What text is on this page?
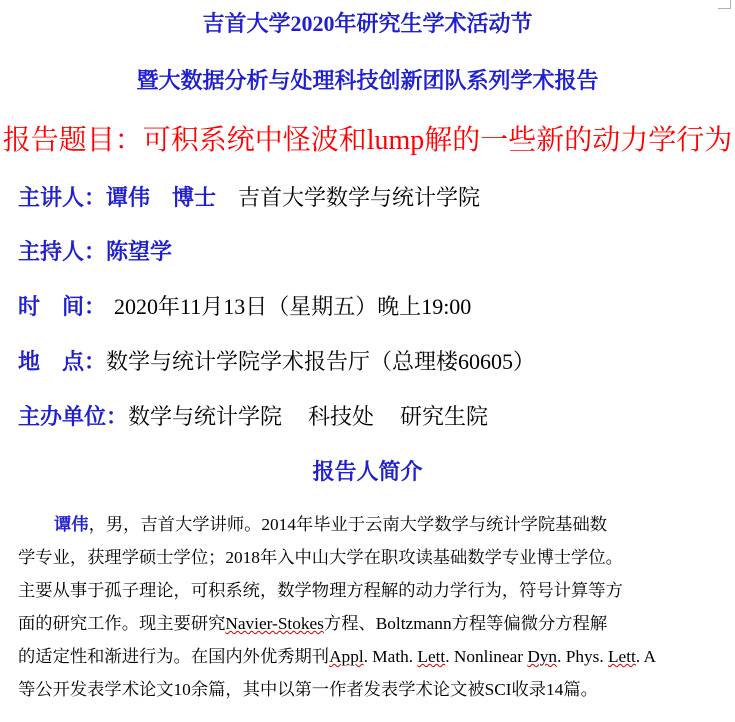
吉首大学2020年研究生学术活动节
暨大数据分析与处理科技创新团队系列学术报告
报告题目：可积系统中怪波和lump解的一些新的动力学行为
主讲人：谭伟 博士 吉首大学数学与统计学院
主持人：陈望学
时　间： 2020年11月13日（星期五）晚上19:00
地　点：数学与统计学院学术报告厅（总理楼60605）
主办单位：数学与统计学院 科技处 研究生院
报告人简介
谭伟，男，吉首大学讲师。2014年毕业于云南大学数学与统计学院基础数
学专业，获理学硕士学位；2018年入中山大学在职攻读基础数学专业博士学位。
主要从事于孤子理论，可积系统，数学物理方程解的动力学行为，符号计算等方
面的研究工作。现主要研究Navier-Stokes方程、Boltzmann方程等偏微分方程解
的适定性和渐进行为。在国内外优秀期刊Appl. Math. Lett. Nonlinear Dyn. Phys. Lett. A
等公开发表学术论文10余篇，其中以第一作者发表学术论文被SCI收录14篇。
